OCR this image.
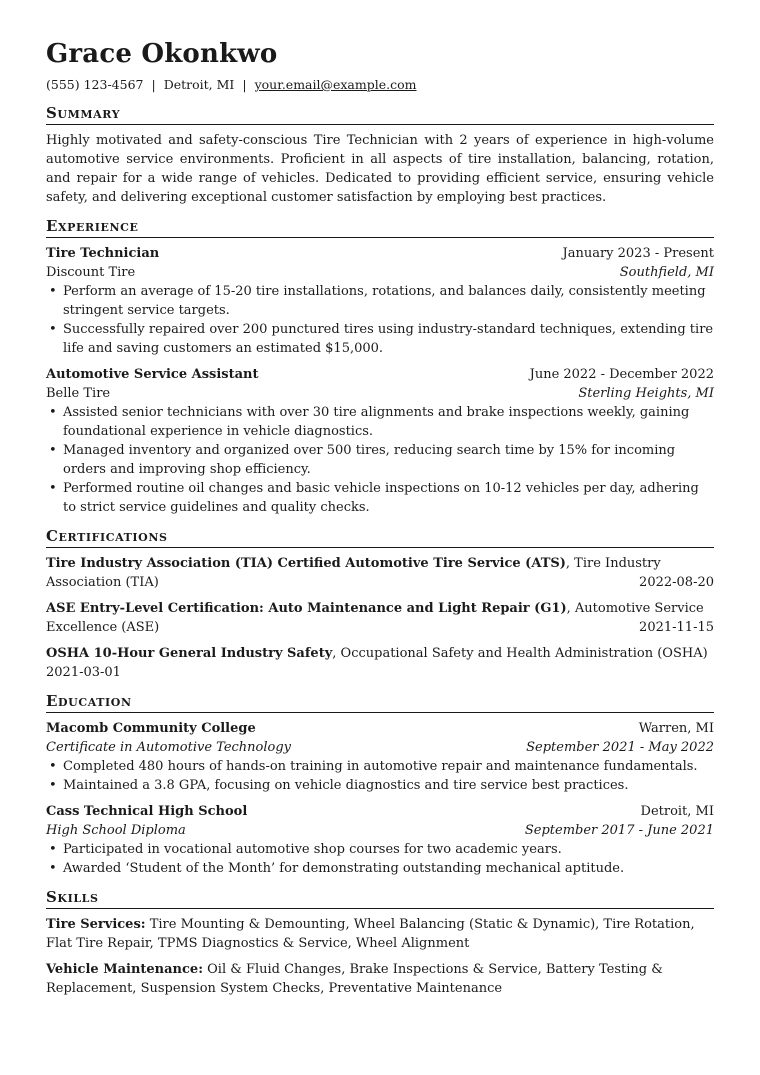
Grace Okonkwo
(555) 123-4567 | Detroit, MI | your.email@example.com
Summary

Highly motivated and safety-conscious Tire Technician with 2 years of experience in high-volume automotive service environments. Proficient in all aspects of tire installation, balancing, rotation, and repair for a wide range of vehicles. Dedicated to providing efficient service, ensuring vehicle safety, and delivering exceptional customer satisfaction by employing best practices.

Experience
Tire Technician	January 2023 - Present
Discount Tire	Southfield, MI
• Perform an average of 15-20 tire installations, rotations, and balances daily, consistently meeting stringent service targets.
• Successfully repaired over 200 punctured tires using industry-standard techniques, extending tire life and saving customers an estimated $15,000.
Automotive Service Assistant	June 2022 - December 2022
Belle Tire	Sterling Heights, MI
• Assisted senior technicians with over 30 tire alignments and brake inspections weekly, gaining foundational experience in vehicle diagnostics.
• Managed inventory and organized over 500 tires, reducing search time by 15% for incoming orders and improving shop efficiency.
• Performed routine oil changes and basic vehicle inspections on 10-12 vehicles per day, adhering to strict service guidelines and quality checks.
Certifications
Tire Industry Association (TIA) Certified Automotive Tire Service (ATS), Tire Industry Association (TIA)	2022-08-20
ASE Entry-Level Certification: Auto Maintenance and Light Repair (G1), Automotive Service Excellence (ASE)	2021-11-15
OSHA 10-Hour General Industry Safety, Occupational Safety and Health Administration (OSHA)
2021-03-01
Education
Macomb Community College	Warren, MI
Certificate in Automotive Technology	September 2021 - May 2022
• Completed 480 hours of hands-on training in automotive repair and maintenance fundamentals.
• Maintained a 3.8 GPA, focusing on vehicle diagnostics and tire service best practices.
Cass Technical High School	Detroit, MI
High School Diploma	September 2017 - June 2021
• Participated in vocational automotive shop courses for two academic years.
• Awarded ‘Student of the Month’ for demonstrating outstanding mechanical aptitude.
Skills
Tire Services: Tire Mounting & Demounting, Wheel Balancing (Static & Dynamic), Tire Rotation, Flat Tire Repair, TPMS Diagnostics & Service, Wheel Alignment
Vehicle Maintenance: Oil & Fluid Changes, Brake Inspections & Service, Battery Testing & Replacement, Suspension System Checks, Preventative Maintenance
